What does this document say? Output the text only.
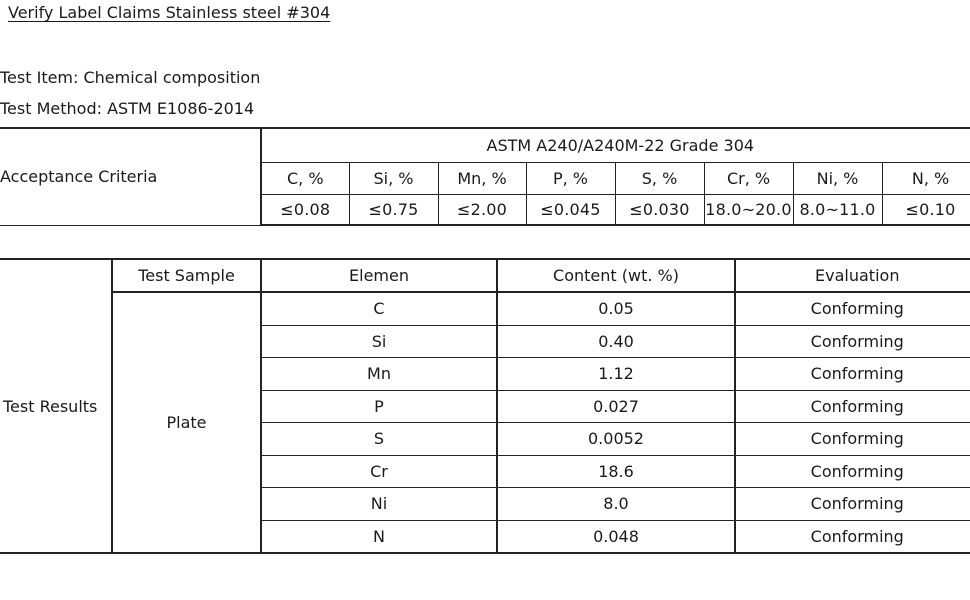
Verify Label Claims Stainless steel #304
Test Item: Chemical composition
Test Method: ASTM E1086-2014
Acceptance Criteria	ASTM A240/A240M-22 Grade 304							
	C, %	Si, %	Mn, %	P, %	S, %	Cr, %	Ni, %	N, %
	≤0.08	≤0.75	≤2.00	≤0.045	≤0.030	18.0~20.0	8.0~11.0	≤0.10
Test Results	Test Sample	Elemen	Content (wt. %)	Evaluation
	Plate	C	0.05	Conforming
		Si	0.40	Conforming
		Mn	1.12	Conforming
		P	0.027	Conforming
		S	0.0052	Conforming
		Cr	18.6	Conforming
		Ni	8.0	Conforming
		N	0.048	Conforming
